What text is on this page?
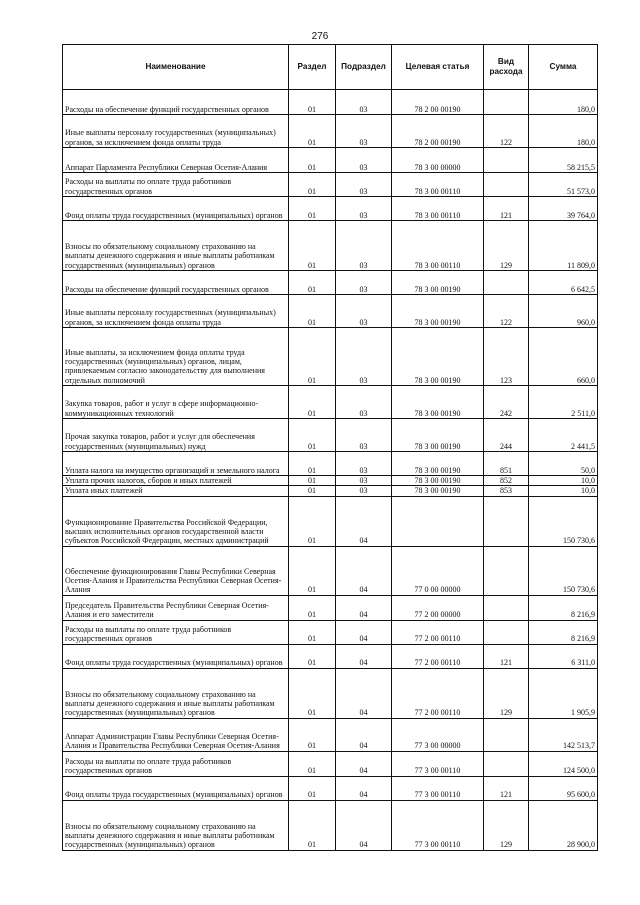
276
Наименование	Раздел	Подраздел	Целевая статья	Вид расхода	Сумма
Расходы на обеспечение функций государственных органов	01	03	78 2 00 00190		180,0
Иные выплаты персоналу государственных (муниципальных) органов, за исключением фонда оплаты труда	01	03	78 2 00 00190	122	180,0
Аппарат Парламента Республики Северная Осетия-Алания	01	03	78 3 00 00000		58 215,5
Расходы на выплаты по оплате труда работников государственных органов	01	03	78 3 00 00110		51 573,0
Фонд оплаты труда государственных (муниципальных) органов	01	03	78 3 00 00110	121	39 764,0
Взносы по обязательному социальному страхованию на выплаты денежного содержания и иные выплаты работникам государственных (муниципальных) органов	01	03	78 3 00 00110	129	11 809,0
Расходы на обеспечение функций государственных органов	01	03	78 3 00 00190		6 642,5
Иные выплаты персоналу государственных (муниципальных) органов, за исключением фонда оплаты труда	01	03	78 3 00 00190	122	960,0
Иные выплаты, за исключением фонда оплаты труда государственных (муниципальных) органов, лицам, привлекаемым согласно законодательству для выполнения отдельных полномочий	01	03	78 3 00 00190	123	660,0
Закупка товаров, работ и услуг в сфере информационно-коммуникационных технологий	01	03	78 3 00 00190	242	2 511,0
Прочая закупка товаров, работ и услуг для обеспечения государственных (муниципальных) нужд	01	03	78 3 00 00190	244	2 441,5
Уплата налога на имущество организаций и земельного налога	01	03	78 3 00 00190	851	50,0
Уплата прочих налогов, сборов и иных платежей	01	03	78 3 00 00190	852	10,0
Уплата иных платежей	01	03	78 3 00 00190	853	10,0
Функционирование Правительства Российской Федерации, высших исполнительных органов государственной власти субъектов Российской Федерации, местных администраций	01	04			150 730,6
Обеспечение функционирования Главы Республики Северная Осетия-Алания и Правительства Республики Северная Осетия-Алания	01	04	77 0 00 00000		150 730,6
Председатель Правительства Республики Северная Осетия-Алания и его заместители	01	04	77 2 00 00000		8 216,9
Расходы на выплаты по оплате труда работников государственных органов	01	04	77 2 00 00110		8 216,9
Фонд оплаты труда государственных (муниципальных) органов	01	04	77 2 00 00110	121	6 311,0
Взносы по обязательному социальному страхованию на выплаты денежного содержания и иные выплаты работникам государственных (муниципальных) органов	01	04	77 2 00 00110	129	1 905,9
Аппарат Администрации Главы Республики Северная Осетия-Алания и Правительства Республики Северная Осетия-Алания	01	04	77 3 00 00000		142 513,7
Расходы на выплаты по оплате труда работников государственных органов	01	04	77 3 00 00110		124 500,0
Фонд оплаты труда государственных (муниципальных) органов	01	04	77 3 00 00110	121	95 600,0
Взносы по обязательному социальному страхованию на выплаты денежного содержания и иные выплаты работникам государственных (муниципальных) органов	01	04	77 3 00 00110	129	28 900,0
